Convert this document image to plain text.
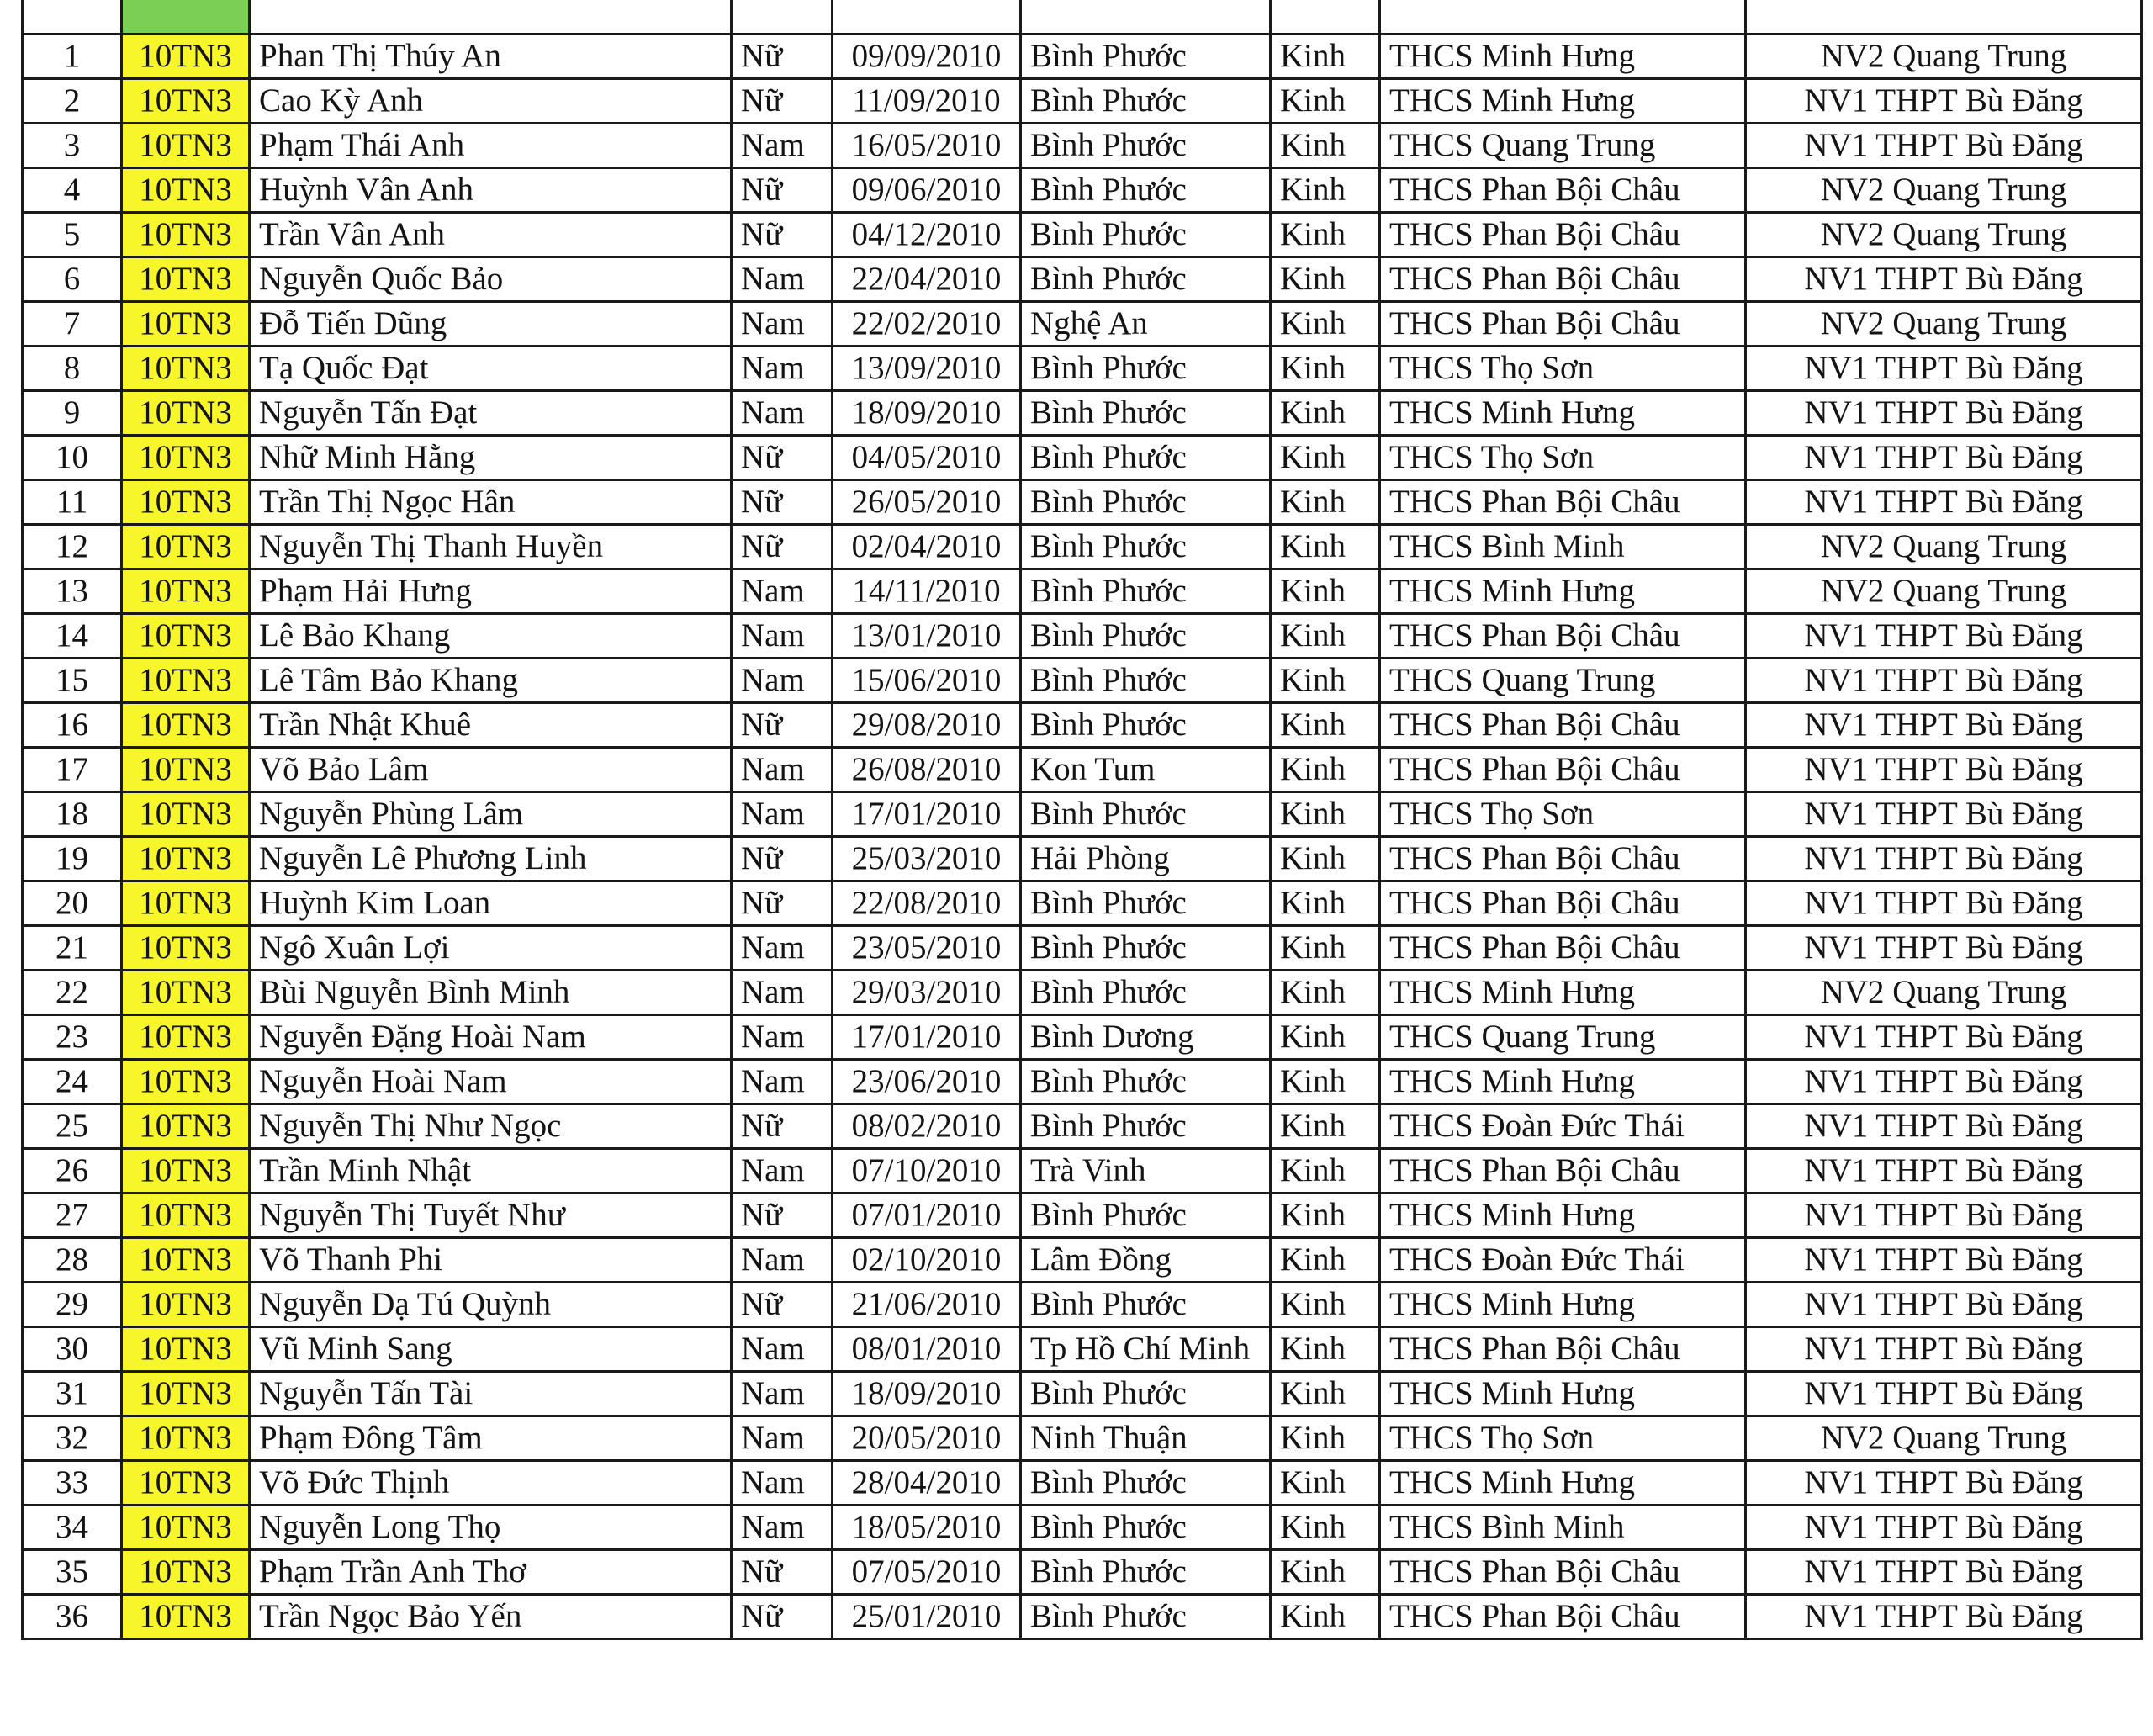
1	10TN3	Phan Thị Thúy An	Nữ	09/09/2010	Bình Phước	Kinh	THCS Minh Hưng	NV2 Quang Trung
2	10TN3	Cao Kỳ Anh	Nữ	11/09/2010	Bình Phước	Kinh	THCS Minh Hưng	NV1 THPT Bù Đăng
3	10TN3	Phạm Thái Anh	Nam	16/05/2010	Bình Phước	Kinh	THCS Quang Trung	NV1 THPT Bù Đăng
4	10TN3	Huỳnh Vân Anh	Nữ	09/06/2010	Bình Phước	Kinh	THCS Phan Bội Châu	NV2 Quang Trung
5	10TN3	Trần Vân Anh	Nữ	04/12/2010	Bình Phước	Kinh	THCS Phan Bội Châu	NV2 Quang Trung
6	10TN3	Nguyễn Quốc Bảo	Nam	22/04/2010	Bình Phước	Kinh	THCS Phan Bội Châu	NV1 THPT Bù Đăng
7	10TN3	Đỗ Tiến Dũng	Nam	22/02/2010	Nghệ An	Kinh	THCS Phan Bội Châu	NV2 Quang Trung
8	10TN3	Tạ Quốc Đạt	Nam	13/09/2010	Bình Phước	Kinh	THCS Thọ Sơn	NV1 THPT Bù Đăng
9	10TN3	Nguyễn Tấn Đạt	Nam	18/09/2010	Bình Phước	Kinh	THCS Minh Hưng	NV1 THPT Bù Đăng
10	10TN3	Nhữ Minh Hằng	Nữ	04/05/2010	Bình Phước	Kinh	THCS Thọ Sơn	NV1 THPT Bù Đăng
11	10TN3	Trần Thị Ngọc Hân	Nữ	26/05/2010	Bình Phước	Kinh	THCS Phan Bội Châu	NV1 THPT Bù Đăng
12	10TN3	Nguyễn Thị Thanh Huyền	Nữ	02/04/2010	Bình Phước	Kinh	THCS Bình Minh	NV2 Quang Trung
13	10TN3	Phạm Hải Hưng	Nam	14/11/2010	Bình Phước	Kinh	THCS Minh Hưng	NV2 Quang Trung
14	10TN3	Lê Bảo Khang	Nam	13/01/2010	Bình Phước	Kinh	THCS Phan Bội Châu	NV1 THPT Bù Đăng
15	10TN3	Lê Tâm Bảo Khang	Nam	15/06/2010	Bình Phước	Kinh	THCS Quang Trung	NV1 THPT Bù Đăng
16	10TN3	Trần Nhật Khuê	Nữ	29/08/2010	Bình Phước	Kinh	THCS Phan Bội Châu	NV1 THPT Bù Đăng
17	10TN3	Võ Bảo Lâm	Nam	26/08/2010	Kon Tum	Kinh	THCS Phan Bội Châu	NV1 THPT Bù Đăng
18	10TN3	Nguyễn Phùng Lâm	Nam	17/01/2010	Bình Phước	Kinh	THCS Thọ Sơn	NV1 THPT Bù Đăng
19	10TN3	Nguyễn Lê Phương Linh	Nữ	25/03/2010	Hải Phòng	Kinh	THCS Phan Bội Châu	NV1 THPT Bù Đăng
20	10TN3	Huỳnh Kim Loan	Nữ	22/08/2010	Bình Phước	Kinh	THCS Phan Bội Châu	NV1 THPT Bù Đăng
21	10TN3	Ngô Xuân Lợi	Nam	23/05/2010	Bình Phước	Kinh	THCS Phan Bội Châu	NV1 THPT Bù Đăng
22	10TN3	Bùi Nguyễn Bình Minh	Nam	29/03/2010	Bình Phước	Kinh	THCS Minh Hưng	NV2 Quang Trung
23	10TN3	Nguyễn Đặng Hoài Nam	Nam	17/01/2010	Bình Dương	Kinh	THCS Quang Trung	NV1 THPT Bù Đăng
24	10TN3	Nguyễn Hoài Nam	Nam	23/06/2010	Bình Phước	Kinh	THCS Minh Hưng	NV1 THPT Bù Đăng
25	10TN3	Nguyễn Thị Như Ngọc	Nữ	08/02/2010	Bình Phước	Kinh	THCS Đoàn Đức Thái	NV1 THPT Bù Đăng
26	10TN3	Trần Minh Nhật	Nam	07/10/2010	Trà Vinh	Kinh	THCS Phan Bội Châu	NV1 THPT Bù Đăng
27	10TN3	Nguyễn Thị Tuyết Như	Nữ	07/01/2010	Bình Phước	Kinh	THCS Minh Hưng	NV1 THPT Bù Đăng
28	10TN3	Võ Thanh Phi	Nam	02/10/2010	Lâm Đồng	Kinh	THCS Đoàn Đức Thái	NV1 THPT Bù Đăng
29	10TN3	Nguyễn Dạ Tú Quỳnh	Nữ	21/06/2010	Bình Phước	Kinh	THCS Minh Hưng	NV1 THPT Bù Đăng
30	10TN3	Vũ Minh Sang	Nam	08/01/2010	Tp Hồ Chí Minh	Kinh	THCS Phan Bội Châu	NV1 THPT Bù Đăng
31	10TN3	Nguyễn Tấn Tài	Nam	18/09/2010	Bình Phước	Kinh	THCS Minh Hưng	NV1 THPT Bù Đăng
32	10TN3	Phạm Đông Tâm	Nam	20/05/2010	Ninh Thuận	Kinh	THCS Thọ Sơn	NV2 Quang Trung
33	10TN3	Võ Đức Thịnh	Nam	28/04/2010	Bình Phước	Kinh	THCS Minh Hưng	NV1 THPT Bù Đăng
34	10TN3	Nguyễn Long Thọ	Nam	18/05/2010	Bình Phước	Kinh	THCS Bình Minh	NV1 THPT Bù Đăng
35	10TN3	Phạm Trần Anh Thơ	Nữ	07/05/2010	Bình Phước	Kinh	THCS Phan Bội Châu	NV1 THPT Bù Đăng
36	10TN3	Trần Ngọc Bảo Yến	Nữ	25/01/2010	Bình Phước	Kinh	THCS Phan Bội Châu	NV1 THPT Bù Đăng
